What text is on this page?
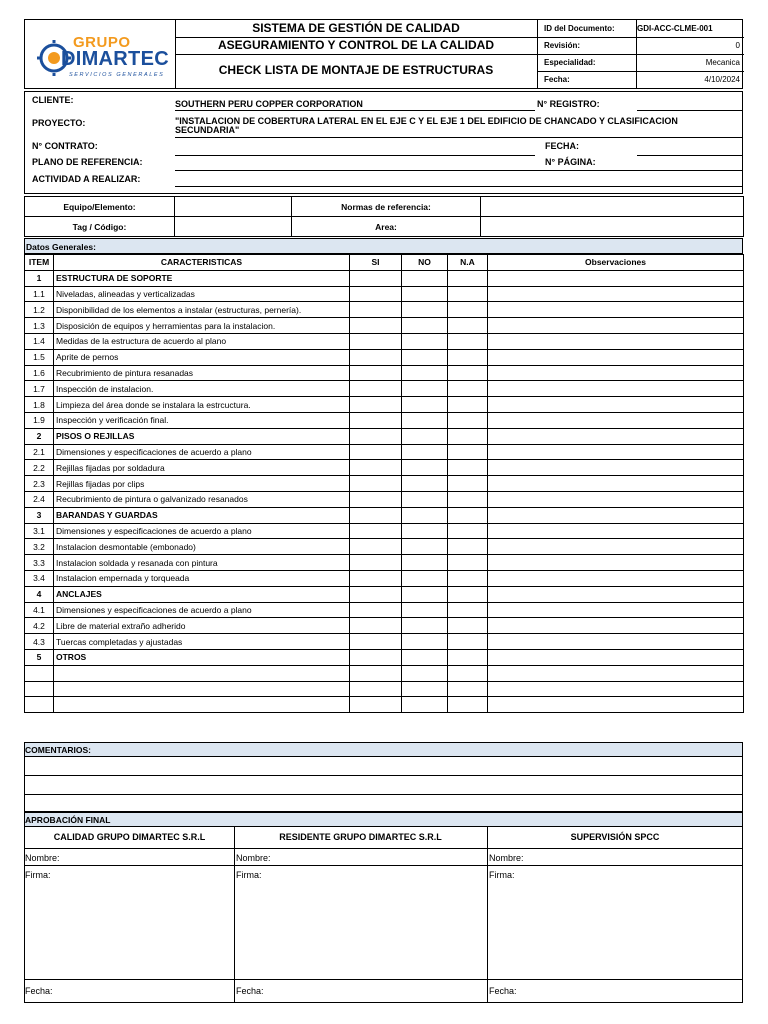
GRUPO
DIMARTEC
SERVICIOS GENERALES
SISTEMA DE GESTIÓN DE CALIDAD
ASEGURAMIENTO Y CONTROL DE LA CALIDAD
CHECK LISTA DE MONTAJE DE ESTRUCTURAS
ID del Documento:	GDI-ACC-CLME-001
Revisión:	0
Especialidad:	Mecanica
Fecha:	4/10/2024
CLIENTE:	SOUTHERN PERU COPPER CORPORATION	N° REGISTRO:
PROYECTO:	"INSTALACION DE COBERTURA LATERAL EN EL EJE C Y EL EJE 1 DEL EDIFICIO DE CHANCADO Y CLASIFICACION SECUNDARIA"
N° CONTRATO:	FECHA:
PLANO DE REFERENCIA:	N° PÁGINA:
ACTIVIDAD A REALIZAR:
Equipo/Elemento:		Normas de referencia:	
Tag / Código:		Area:	
Datos Generales:
ITEM	CARACTERISTICAS	SI	NO	N.A	Observaciones
1	ESTRUCTURA DE SOPORTE				
1.1	Niveladas, alineadas y verticalizadas				
1.2	Disponibilidad de los elementos a instalar (estructuras, pernería).				
1.3	Disposición de equipos y herramientas para la instalacion.				
1.4	Medidas de la estructura de acuerdo al plano				
1.5	Aprite de pernos				
1.6	Recubrimiento de pintura resanadas				
1.7	Inspección de instalacion.				
1.8	Limpieza del área donde se instalara la estrcuctura.				
1.9	Inspección y verificación final.				
2	PISOS O REJILLAS				
2.1	Dimensiones y especificaciones de acuerdo a plano				
2.2	Rejillas fijadas por soldadura				
2.3	Rejillas fijadas por clips				
2.4	Recubrimiento de pintura o galvanizado resanados				
3	BARANDAS Y GUARDAS				
3.1	Dimensiones y especificaciones de acuerdo a plano				
3.2	Instalacion desmontable (embonado)				
3.3	Instalacion soldada y resanada con pintura				
3.4	Instalacion empernada y torqueada				
4	ANCLAJES				
4.1	Dimensiones y especificaciones de acuerdo a plano				
4.2	Libre de material extraño adherido				
4.3	Tuercas completadas y ajustadas				
5	OTROS				

COMENTARIOS:
APROBACIÓN FINAL
CALIDAD GRUPO DIMARTEC S.R.L	RESIDENTE GRUPO DIMARTEC S.R.L	SUPERVISIÓN SPCC
Nombre:	Nombre:	Nombre:
Firma:	Firma:	Firma:
Fecha:	Fecha:	Fecha:
